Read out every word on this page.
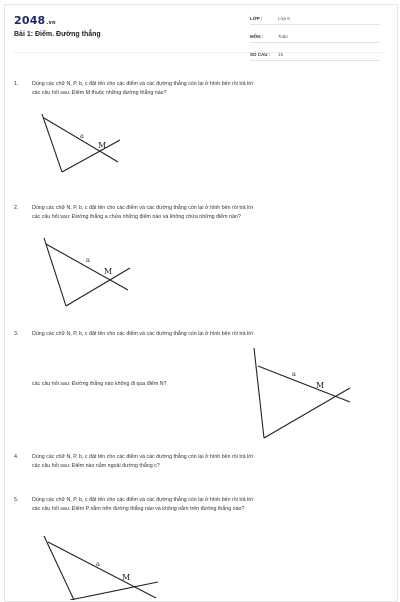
2048.vn
Bài 1: Điểm. Đường thẳng
LỚP :	Lớp 6
MÔN :	Toán
SỐ CÂU :	15
1.	Dùng các chữ N, P, b, c đặt tên cho các điểm và các đường thẳng còn lại ở hình bên rồi trả lời
các câu hỏi sau: Điểm M thuộc những đường thẳng nào?
a
M
2.	Dùng các chữ N, P, b, c đặt tên cho các điểm và các đường thẳng còn lại ở hình bên rồi trả lời
các câu hỏi sau: Đường thẳng a chứa những điểm nào và không chứa những điểm nào?
a
M
3.	Dùng các chữ N, P, b, c đặt tên cho các điểm và các đường thẳng còn lại ở hình bên rồi trả lời
các câu hỏi sau: Đường thẳng nào không đi qua điểm N?
a
M
4.	Dùng các chữ N, P, b, c đặt tên cho các điểm và các đường thẳng còn lại ở hình bên rồi trả lời
các câu hỏi sau: Điểm nào nằm ngoài đường thẳng c?
5.	Dùng các chữ N, P, b, c đặt tên cho các điểm và các đường thẳng còn lại ở hình bên rồi trả lời
các câu hỏi sau: Điểm P nằm trên đường thẳng nào và không nằm trên đường thẳng nào?
a
M
